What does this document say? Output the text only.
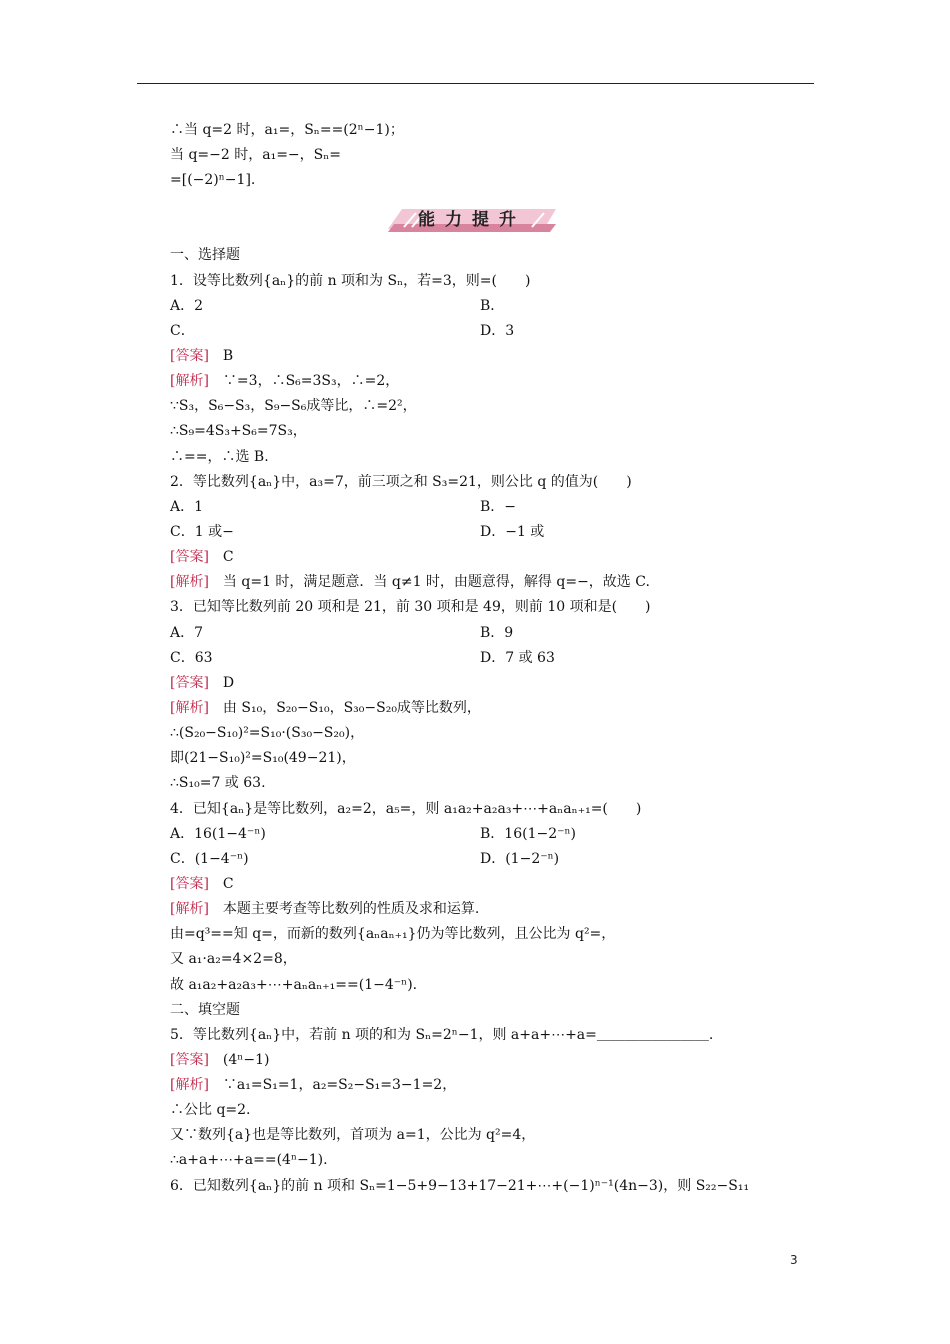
∴当 q=2 时，a₁=，Sₙ==(2ⁿ−1)；
当 q=−2 时，a₁=−，Sₙ=
=[(−2)ⁿ−1].
能力提升
一、选择题
1．设等比数列{aₙ}的前 n 项和为 Sₙ，若=3，则=(　　)
A．2	B．
C．	D．3
[答案]　B
[解析]　∵=3，∴S₆=3S₃，∴=2，
∵S₃，S₆−S₃，S₉−S₆成等比，∴=2²，
∴S₉=4S₃+S₆=7S₃，
∴==，∴选 B.
2．等比数列{aₙ}中，a₃=7，前三项之和 S₃=21，则公比 q 的值为(　　)
A．1	B．−
C．1 或−	D．−1 或
[答案]　C
[解析]　当 q=1 时，满足题意．当 q≠1 时，由题意得，解得 q=−，故选 C.
3．已知等比数列前 20 项和是 21，前 30 项和是 49，则前 10 项和是(　　)
A．7	B．9
C．63	D．7 或 63
[答案]　D
[解析]　由 S₁₀，S₂₀−S₁₀，S₃₀−S₂₀成等比数列，
∴(S₂₀−S₁₀)²=S₁₀·(S₃₀−S₂₀)，
即(21−S₁₀)²=S₁₀(49−21)，
∴S₁₀=7 或 63.
4．已知{aₙ}是等比数列，a₂=2，a₅=，则 a₁a₂+a₂a₃+⋯+aₙaₙ₊₁=(　　)
A．16(1−4⁻ⁿ)	B．16(1−2⁻ⁿ)
C．(1−4⁻ⁿ)	D．(1−2⁻ⁿ)
[答案]　C
[解析]　本题主要考查等比数列的性质及求和运算.
由=q³==知 q=，而新的数列{aₙaₙ₊₁}仍为等比数列，且公比为 q²=，
又 a₁·a₂=4×2=8，
故 a₁a₂+a₂a₃+⋯+aₙaₙ₊₁==(1−4⁻ⁿ).
二、填空题
5．等比数列{aₙ}中，若前 n 项的和为 Sₙ=2ⁿ−1，则 a+a+⋯+a=＿＿＿＿＿＿＿＿.
[答案]　(4ⁿ−1)
[解析]　∵a₁=S₁=1，a₂=S₂−S₁=3−1=2，
∴公比 q=2.
又∵数列{a}也是等比数列，首项为 a=1，公比为 q²=4，
∴a+a+⋯+a==(4ⁿ−1).
6．已知数列{aₙ}的前 n 项和 Sₙ=1−5+9−13+17−21+⋯+(−1)ⁿ⁻¹(4n−3)，则 S₂₂−S₁₁
3
